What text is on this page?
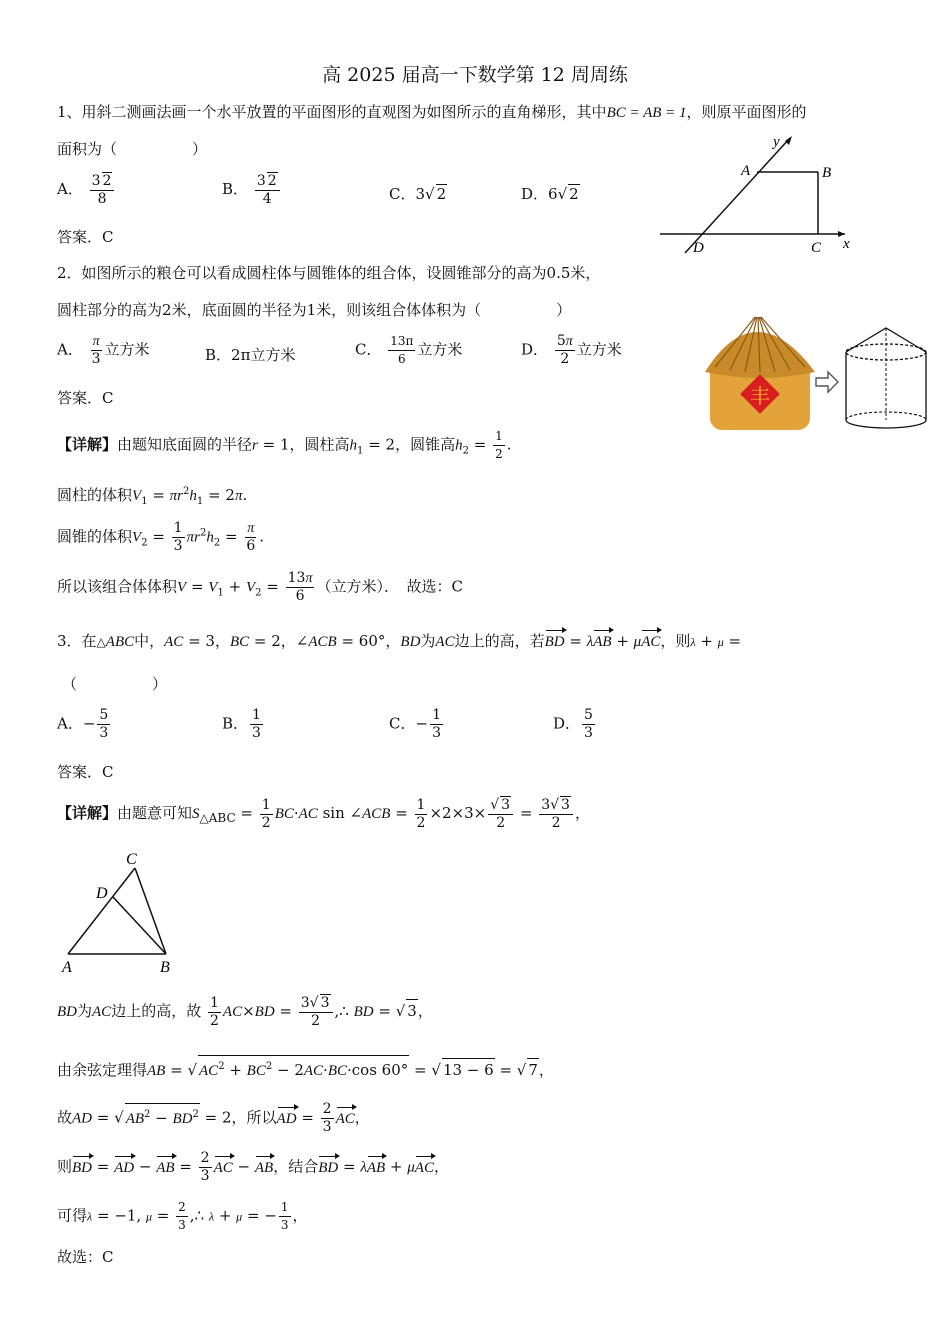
高 2025 届高一下数学第 12 周周练
1、用斜二测画法画一个水平放置的平面图形的直观图为如图所示的直角梯形，其中BC = AB = 1，则原平面图形的
面积为（　　　　　）
A． $\frac{3 2}{8}$	B． $\frac{3 2}{4}$	C．3√ 2	D．6√ 2
答案．C
y
A	B
D	C x
2．如图所示的粮仓可以看成圆柱体与圆锥体的组合体，设圆锥部分的高为0.5米，
圆柱部分的高为2米，底面圆的半径为1米，则该组合体体积为（　　　　　）
A． $\frac{\pi}{3}$ 立方米	B．2π立方米	C． $\frac{13\pi}{6}$ 立方米	D． $\frac{5\pi}{2}$ 立方米
答案．C	丰
【详解】由题知底面圆的半径r = 1，圆柱高$h_1 = 2$，圆锥高$h_2 = \frac{1}{2}$ .
圆柱的体积$V_1 = \pi r^2h_1 = 2\pi$.
圆锥的体积$V_2 = \frac{1}{3} \pi r^2h_2 = \frac{\pi}{6}$ .
所以该组合体体积$V = V_1 + V_2 = \frac{13\pi}{6}$ （立方米）．　故选：C
3．在△ABC中，AC = 3，BC = 2，∠ACB = 60°，BD为AC边上的高，若BD = λAB + μAC，则λ + μ =
（　　　　　）
A．− $\frac{5}{3}$	B． $\frac{1}{3}$	C．− $\frac{1}{3}$	D． $\frac{5}{3}$
答案．C
【详解】由题意可知$S_{\triangle ABC} = \frac{1}{2} BC\cdot AC$ sin ∠ACB = $\frac{1}{2} \times 2\times 3\times \frac{√ 3}{2} = \frac{3√ 3}{2}$ ，
C
D
A	B
BD为AC边上的高，故 $\frac{1}{2} AC\times BD = \frac{3√ 3}{2}$ ,∴ BD = √ 3，
由余弦定理得AB = √ $AC^2 + BC^2 - 2AC\cdot BC\cdot\cos$ 60° = √ 13 − 6 = √ 7，
故AD = √ $AB^2 - BD^2 = 2$，所以AD = $\frac{2}{3}$ AC，
则BD = AD − AB = $\frac{2}{3}$ AC − AB，结合BD = λAB + μAC，
可得λ = −1, $\mu = \frac{2}{3}$ ,∴ λ + μ = − $\frac{1}{3}$ ，
故选：C
